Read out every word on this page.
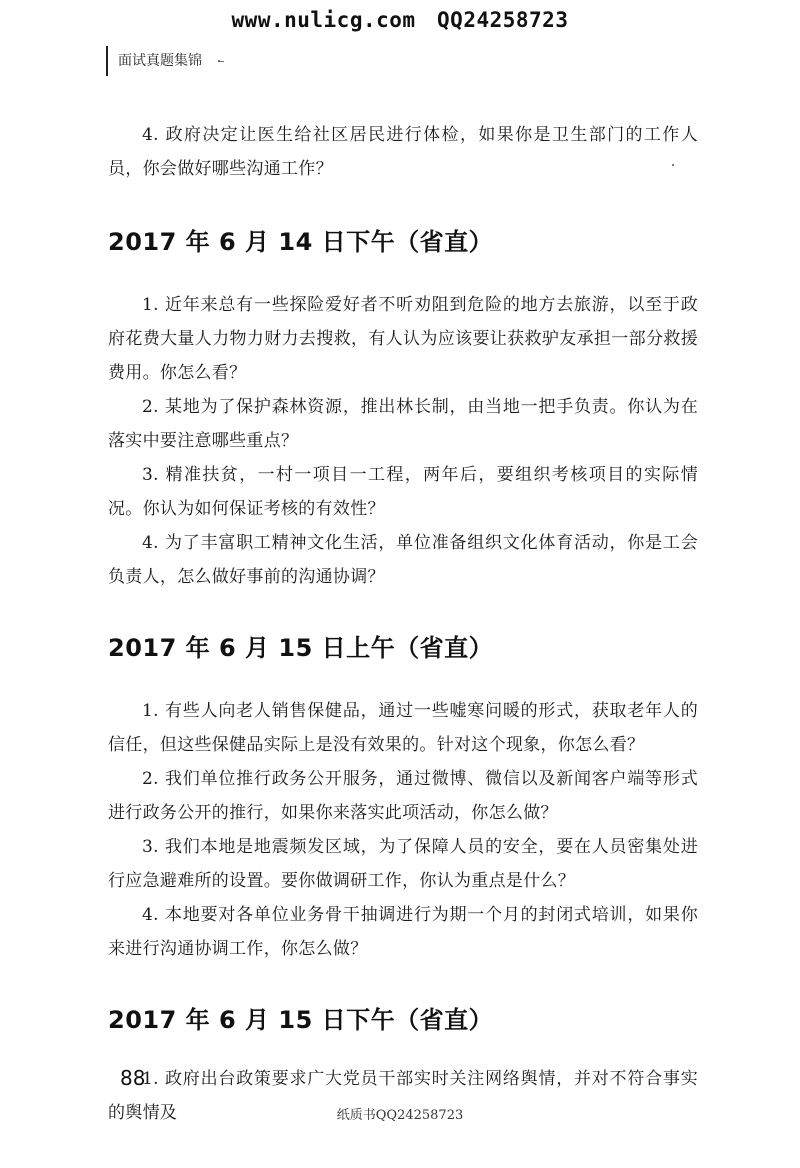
www.nulicg.com　QQ24258723
面试真题集锦

4. 政府决定让医生给社区居民进行体检，如果你是卫生部门的工作人员，你会做好哪些沟通工作？

2017 年 6 月 14 日下午（省直）

1. 近年来总有一些探险爱好者不听劝阻到危险的地方去旅游，以至于政府花费大量人力物力财力去搜救，有人认为应该要让获救驴友承担一部分救援费用。你怎么看？

2. 某地为了保护森林资源，推出林长制，由当地一把手负责。你认为在落实中要注意哪些重点？

3. 精准扶贫，一村一项目一工程，两年后，要组织考核项目的实际情况。你认为如何保证考核的有效性？

4. 为了丰富职工精神文化生活，单位准备组织文化体育活动，你是工会负责人，怎么做好事前的沟通协调？

2017 年 6 月 15 日上午（省直）

1. 有些人向老人销售保健品，通过一些嘘寒问暖的形式，获取老年人的信任，但这些保健品实际上是没有效果的。针对这个现象，你怎么看？

2. 我们单位推行政务公开服务，通过微博、微信以及新闻客户端等形式进行政务公开的推行，如果你来落实此项活动，你怎么做？

3. 我们本地是地震频发区域，为了保障人员的安全，要在人员密集处进行应急避难所的设置。要你做调研工作，你认为重点是什么？

4. 本地要对各单位业务骨干抽调进行为期一个月的封闭式培训，如果你来进行沟通协调工作，你怎么做？

2017 年 6 月 15 日下午（省直）

1. 政府出台政策要求广大党员干部实时关注网络舆情，并对不符合事实的舆情及

88
纸质书QQ24258723
